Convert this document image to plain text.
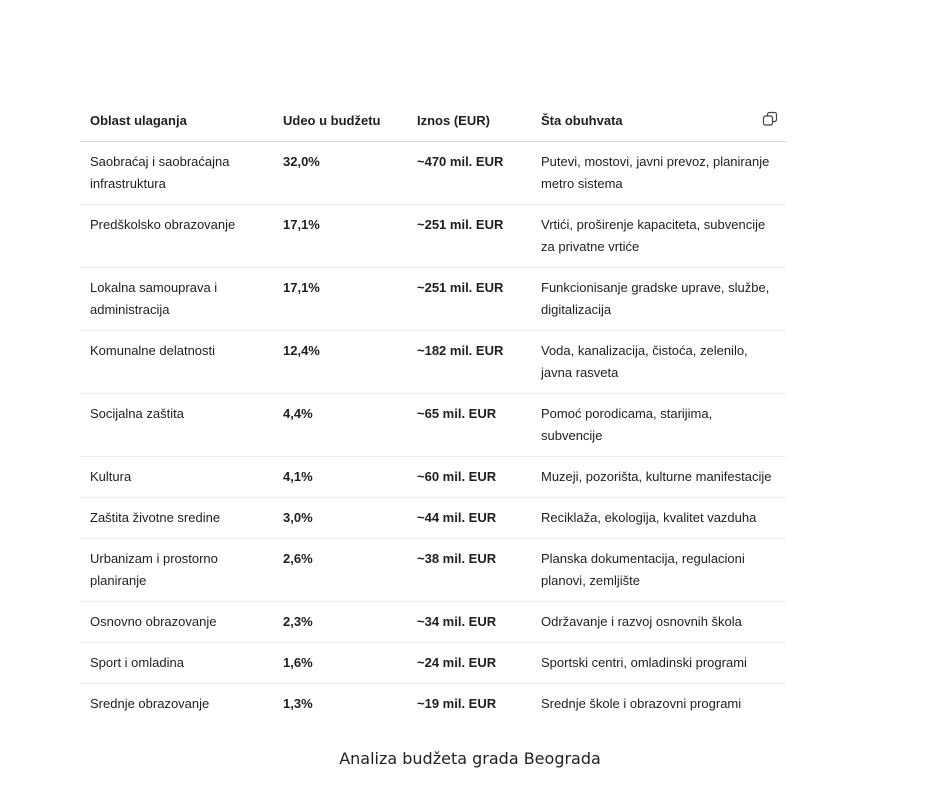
Oblast ulaganja	Udeo u budžetu	Iznos (EUR)	Šta obuhvata

Saobraćaj i saobraćajna infrastruktura	32,0%	~470 mil. EUR	Putevi, mostovi, javni prevoz, planiranje metro sistema
Predškolsko obrazovanje	17,1%	~251 mil. EUR	Vrtići, proširenje kapaciteta, subvencije za privatne vrtiće
Lokalna samouprava i administracija	17,1%	~251 mil. EUR	Funkcionisanje gradske uprave, službe, digitalizacija
Komunalne delatnosti	12,4%	~182 mil. EUR	Voda, kanalizacija, čistoća, zelenilo, javna rasveta
Socijalna zaštita	4,4%	~65 mil. EUR	Pomoć porodicama, starijima, subvencije
Kultura	4,1%	~60 mil. EUR	Muzeji, pozorišta, kulturne manifestacije
Zaštita životne sredine	3,0%	~44 mil. EUR	Reciklaža, ekologija, kvalitet vazduha
Urbanizam i prostorno planiranje	2,6%	~38 mil. EUR	Planska dokumentacija, regulacioni planovi, zemljište
Osnovno obrazovanje	2,3%	~34 mil. EUR	Održavanje i razvoj osnovnih škola
Sport i omladina	1,6%	~24 mil. EUR	Sportski centri, omladinski programi
Srednje obrazovanje	1,3%	~19 mil. EUR	Srednje škole i obrazovni programi
Analiza budžeta grada Beograda
